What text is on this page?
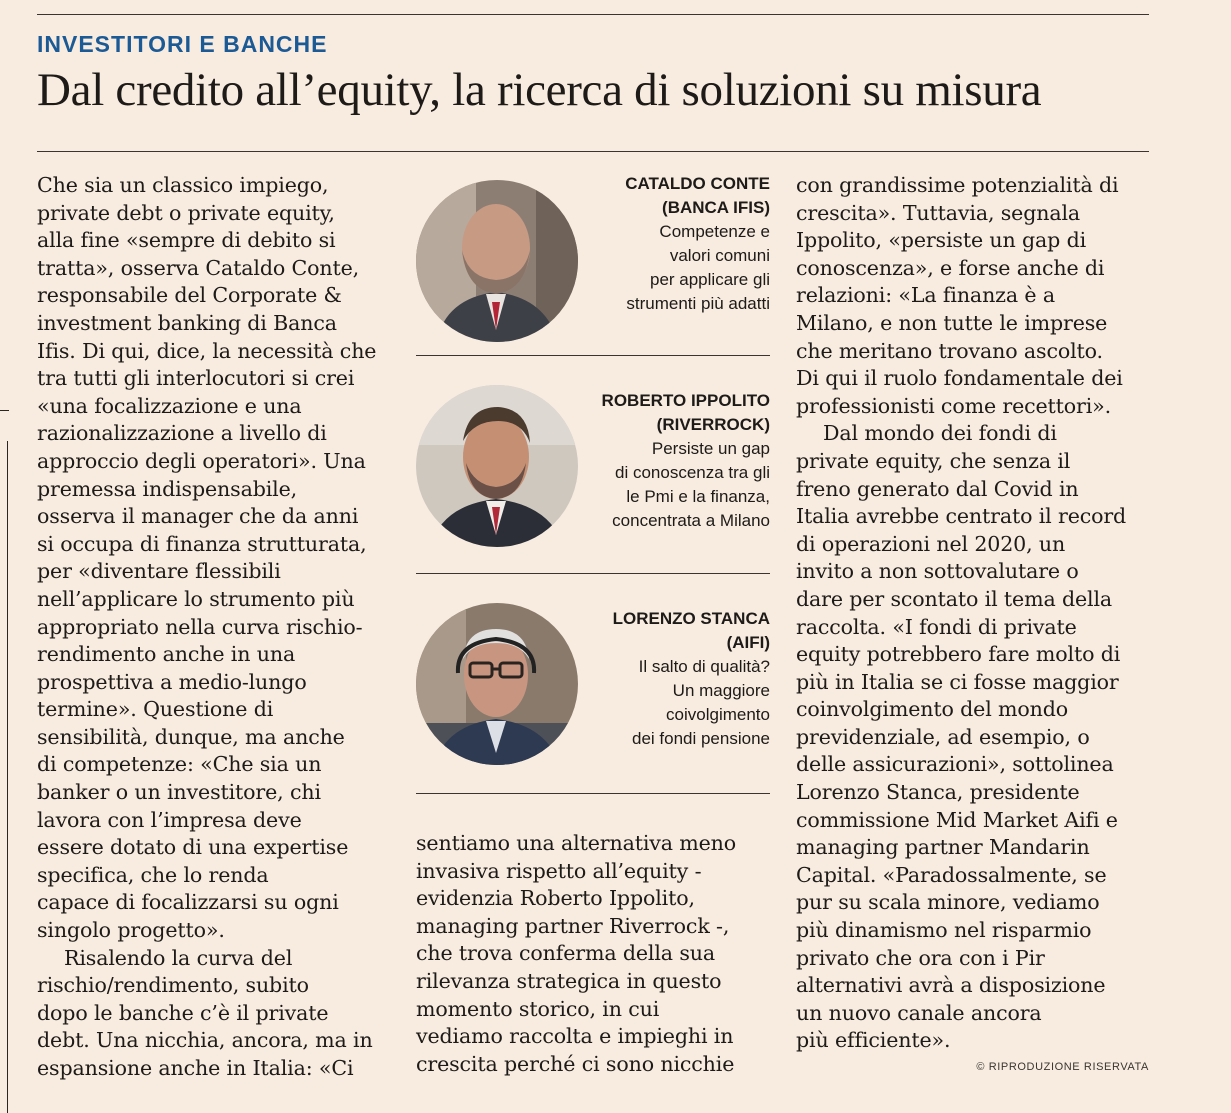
INVESTITORI E BANCHE
Dal credito all’equity, la ricerca di soluzioni su misura
Che sia un classico impiego,
private debt o private equity,
alla fine «sempre di debito si
tratta», osserva Cataldo Conte,
responsabile del Corporate &
investment banking di Banca
Ifis. Di qui, dice, la necessità che
tra tutti gli interlocutori si crei
«una focalizzazione e una
razionalizzazione a livello di
approccio degli operatori». Una
premessa indispensabile,
osserva il manager che da anni
si occupa di finanza strutturata,
per «diventare flessibili
nell’applicare lo strumento più
appropriato nella curva rischio-
rendimento anche in una
prospettiva a medio-lungo
termine». Questione di
sensibilità, dunque, ma anche
di competenze: «Che sia un
banker o un investitore, chi
lavora con l’impresa deve
essere dotato di una expertise
specifica, che lo renda
capace di focalizzarsi su ogni
singolo progetto».
Risalendo la curva del
rischio/rendimento, subito
dopo le banche c’è il private
debt. Una nicchia, ancora, ma in
espansione anche in Italia: «Ci
CATALDO CONTE
(BANCA IFIS)
Competenze e
valori comuni
per applicare gli
strumenti più adatti
ROBERTO IPPOLITO
(RIVERROCK)
Persiste un gap
di conoscenza tra gli
le Pmi e la finanza,
concentrata a Milano
LORENZO STANCA
(AIFI)
Il salto di qualità?
Un maggiore
coivolgimento
dei fondi pensione
sentiamo una alternativa meno
invasiva rispetto all’equity -
evidenzia Roberto Ippolito,
managing partner Riverrock -,
che trova conferma della sua
rilevanza strategica in questo
momento storico, in cui
vediamo raccolta e impieghi in
crescita perché ci sono nicchie
con grandissime potenzialità di
crescita». Tuttavia, segnala
Ippolito, «persiste un gap di
conoscenza», e forse anche di
relazioni: «La finanza è a
Milano, e non tutte le imprese
che meritano trovano ascolto.
Di qui il ruolo fondamentale dei
professionisti come recettori».
Dal mondo dei fondi di
private equity, che senza il
freno generato dal Covid in
Italia avrebbe centrato il record
di operazioni nel 2020, un
invito a non sottovalutare o
dare per scontato il tema della
raccolta. «I fondi di private
equity potrebbero fare molto di
più in Italia se ci fosse maggior
coinvolgimento del mondo
previdenziale, ad esempio, o
delle assicurazioni», sottolinea
Lorenzo Stanca, presidente
commissione Mid Market Aifi e
managing partner Mandarin
Capital. «Paradossalmente, se
pur su scala minore, vediamo
più dinamismo nel risparmio
privato che ora con i Pir
alternativi avrà a disposizione
un nuovo canale ancora
più efficiente».
© RIPRODUZIONE RISERVATA
